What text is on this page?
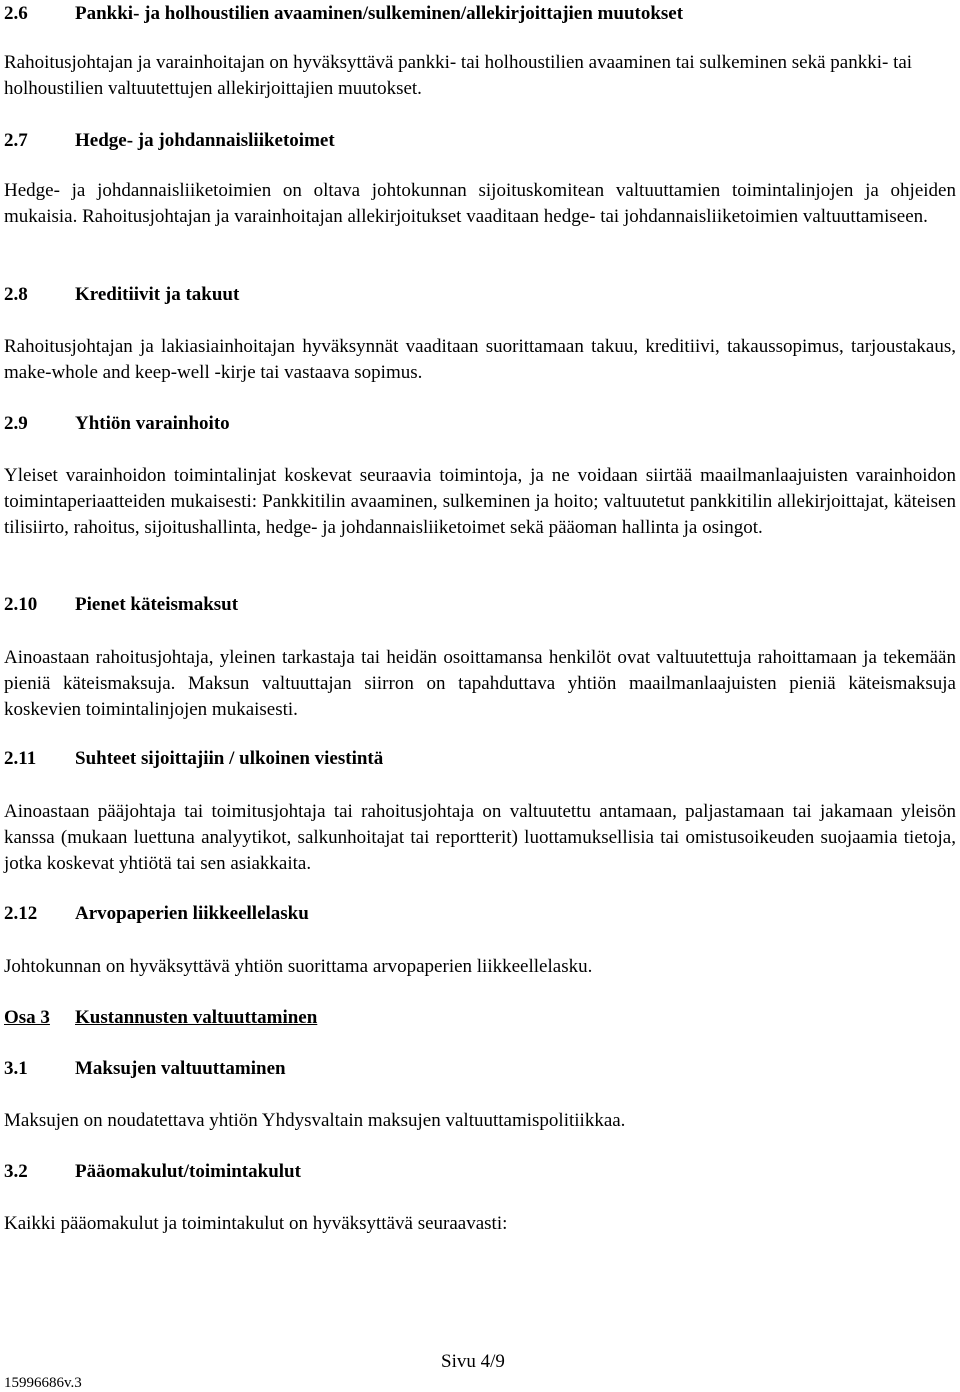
2.6 Pankki- ja holhoustilien avaaminen/sulkeminen/allekirjoittajien muutokset
Rahoitusjohtajan ja varainhoitajan on hyväksyttävä pankki- tai holhoustilien avaaminen tai sulkeminen sekä pankki- tai holhoustilien valtuutettujen allekirjoittajien muutokset.
2.7 Hedge- ja johdannaisliiketoimet
Hedge- ja johdannaisliiketoimien on oltava johtokunnan sijoituskomitean valtuuttamien toimintalinjojen ja ohjeiden mukaisia. Rahoitusjohtajan ja varainhoitajan allekirjoitukset vaaditaan hedge- tai johdannaisliiketoimien valtuuttamiseen.
2.8 Kreditiivit ja takuut
Rahoitusjohtajan ja lakiasiainhoitajan hyväksynnät vaaditaan suorittamaan takuu, kreditiivi, takaussopimus, tarjoustakaus, make-whole and keep-well -kirje tai vastaava sopimus.
2.9 Yhtiön varainhoito
Yleiset varainhoidon toimintalinjat koskevat seuraavia toimintoja, ja ne voidaan siirtää maailmanlaajuisten varainhoidon toimintaperiaatteiden mukaisesti: Pankkitilin avaaminen, sulkeminen ja hoito; valtuutetut pankkitilin allekirjoittajat, käteisen tilisiirto, rahoitus, sijoitushallinta, hedge- ja johdannaisliiketoimet sekä pääoman hallinta ja osingot.
2.10 Pienet käteismaksut
Ainoastaan rahoitusjohtaja, yleinen tarkastaja tai heidän osoittamansa henkilöt ovat valtuutettuja rahoittamaan ja tekemään pieniä käteismaksuja. Maksun valtuuttajan siirron on tapahduttava yhtiön maailmanlaajuisten pieniä käteismaksuja koskevien toimintalinjojen mukaisesti.
2.11 Suhteet sijoittajiin / ulkoinen viestintä
Ainoastaan pääjohtaja tai toimitusjohtaja tai rahoitusjohtaja on valtuutettu antamaan, paljastamaan tai jakamaan yleisön kanssa (mukaan luettuna analyytikot, salkunhoitajat tai reportterit) luottamuksellisia tai omistusoikeuden suojaamia tietoja, jotka koskevat yhtiötä tai sen asiakkaita.
2.12 Arvopaperien liikkeellelasku
Johtokunnan on hyväksyttävä yhtiön suorittama arvopaperien liikkeellelasku.
Osa 3 Kustannusten valtuuttaminen
3.1 Maksujen valtuuttaminen
Maksujen on noudatettava yhtiön Yhdysvaltain maksujen valtuuttamispolitiikkaa.
3.2 Pääomakulut/toimintakulut
Kaikki pääomakulut ja toimintakulut on hyväksyttävä seuraavasti:
Sivu 4/9
15996686v.3
